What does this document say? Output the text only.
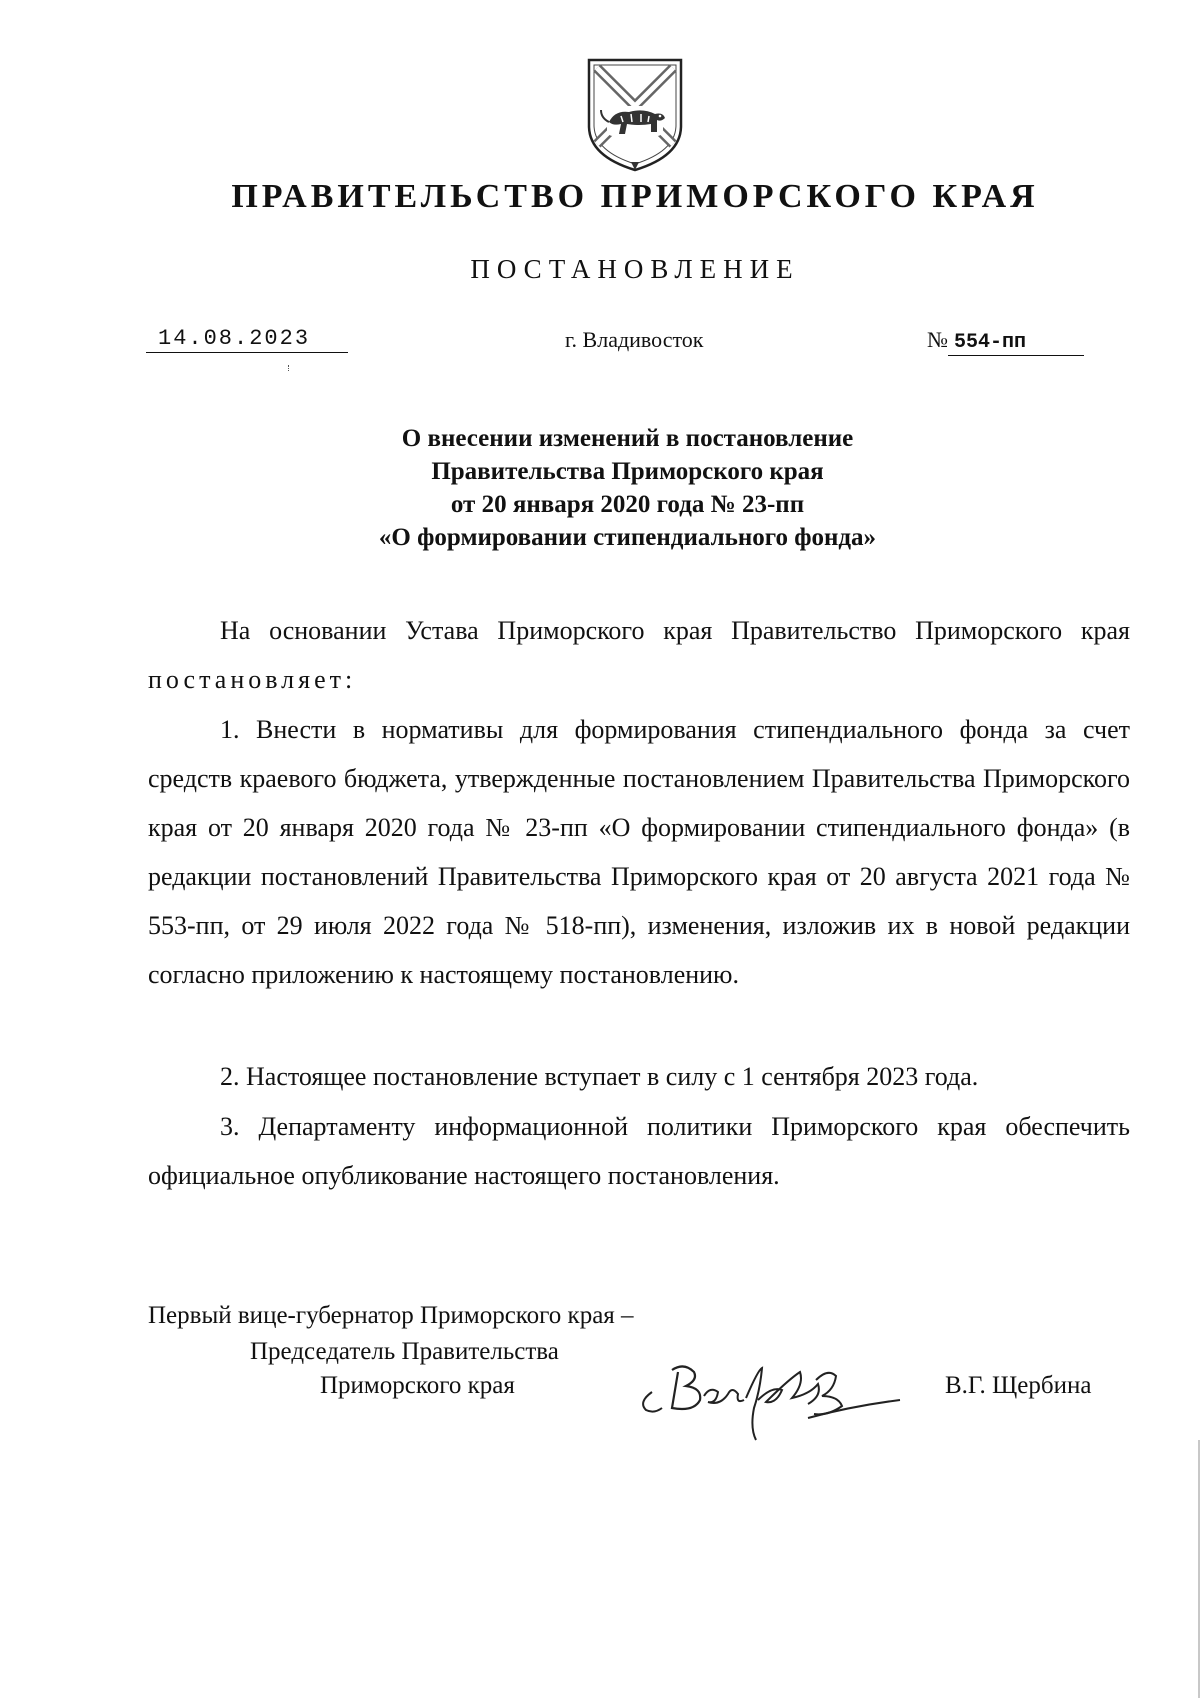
ПРАВИТЕЛЬСТВО ПРИМОРСКОГО КРАЯ
ПОСТАНОВЛЕНИЕ
14.08.2023	г. Владивосток	№ 554-пп
О внесении изменений в постановление
Правительства Приморского края
от 20 января 2020 года № 23-пп
«О формировании стипендиального фонда»
На основании Устава Приморского края Правительство Приморского края постановляет:
1. Внести в нормативы для формирования стипендиального фонда за счет средств краевого бюджета, утвержденные постановлением Правительства Приморского края от 20 января 2020 года № 23-пп «О формировании стипендиального фонда» (в редакции постановлений Правительства Приморского края от 20 августа 2021 года № 553-пп, от 29 июля 2022 года № 518-пп), изменения, изложив их в новой редакции согласно приложению к настоящему постановлению.
2. Настоящее постановление вступает в силу с 1 сентября 2023 года.
3. Департаменту информационной политики Приморского края обеспечить официальное опубликование настоящего постановления.
Первый вице-губернатор Приморского края –
Председатель Правительства
Приморского края	В.Г. Щербина
